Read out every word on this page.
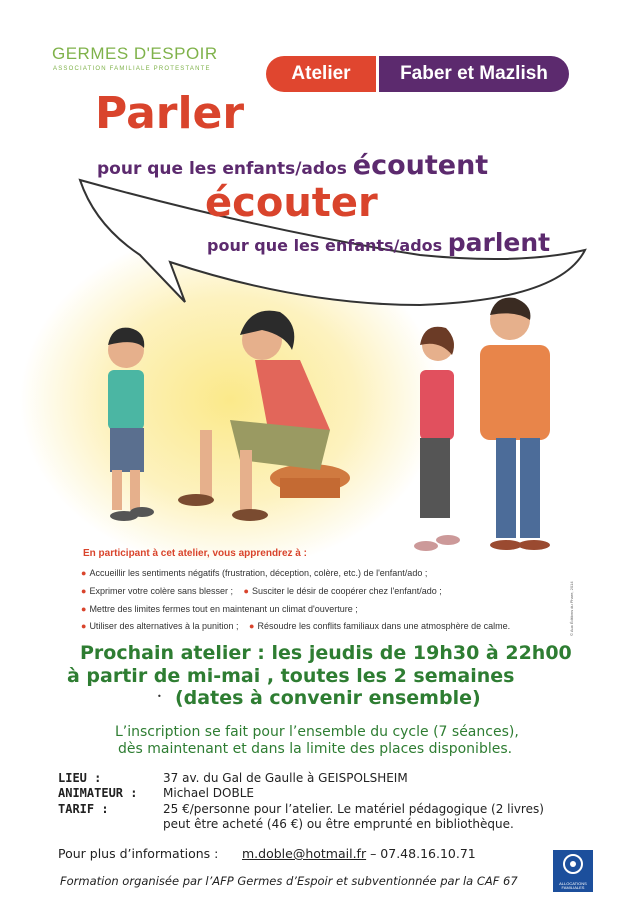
GERMES D'ESPOIR
ASSOCIATION FAMILIALE PROTESTANTE	Atelier	Faber et Mazlish
Parler
pour que les enfants/ados écoutent
écouter
pour que les enfants/ados parlent
En participant à cet atelier, vous apprendrez à :
● Accueillir les sentiments négatifs (frustration, déception, colère, etc.) de l'enfant/ado ;
● Exprimer votre colère sans blesser ; ● Susciter le désir de coopérer chez l'enfant/ado ;
● Mettre des limites fermes tout en maintenant un climat d'ouverture ;
● Utiliser des alternatives à la punition ; ● Résoudre les conflits familiaux dans une atmosphère de calme.	© Aux Éditions du Phare, 2014
Prochain atelier : les jeudis de 19h30 à 22h00
à partir de mi-mai , toutes les 2 semaines
• (dates à convenir ensemble)
L’inscription se fait pour l’ensemble du cycle (7 séances),
dès maintenant et dans la limite des places disponibles.
LIEU :	37 av. du Gal de Gaulle à GEISPOLSHEIM
ANIMATEUR : Michael DOBLE
TARIF :	25 €/personne pour l’atelier. Le matériel pédagogique (2 livres)
peut être acheté (46 €) ou être emprunté en bibliothèque.
Pour plus d’informations : m.doble@hotmail.fr – 07.48.16.10.71
Formation organisée par l’AFP Germes d’Espoir et subventionnée par la CAF 67	ALLOCATIONS FAMILIALES
